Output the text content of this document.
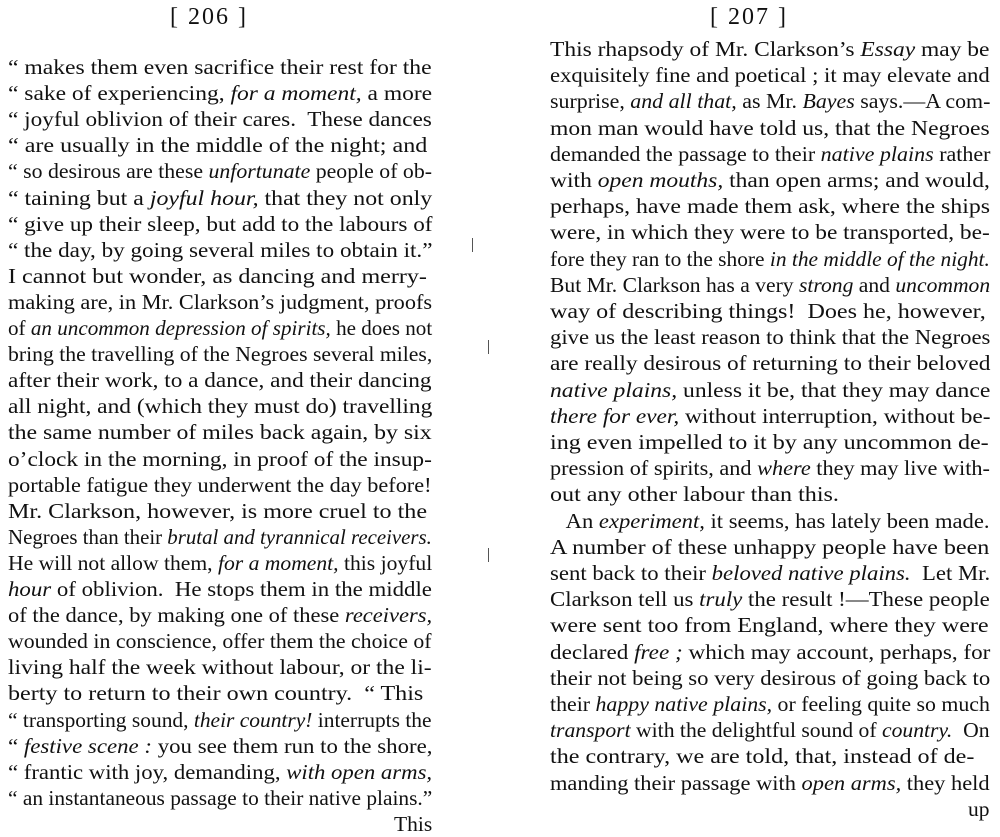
[ 206 ]
“ makes them even sacrifice their rest for the
“ sake of experiencing, for a moment, a more
“ joyful oblivion of their cares.  These dances
“ are usually in the middle of the night; and
“ so desirous are these unfortunate people of ob-
“ taining but a joyful hour, that they not only
“ give up their sleep, but add to the labours of
“ the day, by going several miles to obtain it.”
I cannot but wonder, as dancing and merry-
making are, in Mr. Clarkson’s judgment, proofs
of an uncommon depression of spirits, he does not
bring the travelling of the Negroes several miles,
after their work, to a dance, and their dancing
all night, and (which they must do) travelling
the same number of miles back again, by six
o’clock in the morning, in proof of the insup-
portable fatigue they underwent the day before!
Mr. Clarkson, however, is more cruel to the
Negroes than their brutal and tyrannical receivers.
He will not allow them, for a moment, this joyful
hour of oblivion.  He stops them in the middle
of the dance, by making one of these receivers,
wounded in conscience, offer them the choice of
living half the week without labour, or the li-
berty to return to their own country.  “ This
“ transporting sound, their country! interrupts the
“ festive scene : you see them run to the shore,
“ frantic with joy, demanding, with open arms,
“ an instantaneous passage to their native plains.”
This
[ 207 ]
This rhapsody of Mr. Clarkson’s Essay may be
exquisitely fine and poetical ; it may elevate and
surprise, and all that, as Mr. Bayes says.—A com-
mon man would have told us, that the Negroes
demanded the passage to their native plains rather
with open mouths, than open arms; and would,
perhaps, have made them ask, where the ships
were, in which they were to be transported, be-
fore they ran to the shore in the middle of the night.
But Mr. Clarkson has a very strong and uncommon
way of describing things!  Does he, however,
give us the least reason to think that the Negroes
are really desirous of returning to their beloved
native plains, unless it be, that they may dance
there for ever, without interruption, without be-
ing even impelled to it by any uncommon de-
pression of spirits, and where they may live with-
out any other labour than this.
An experiment, it seems, has lately been made.
A number of these unhappy people have been
sent back to their beloved native plains.  Let Mr.
Clarkson tell us truly the result !—These people
were sent too from England, where they were
declared free ; which may account, perhaps, for
their not being so very desirous of going back to
their happy native plains, or feeling quite so much
transport with the delightful sound of country.  On
the contrary, we are told, that, instead of de-
manding their passage with open arms, they held
up
